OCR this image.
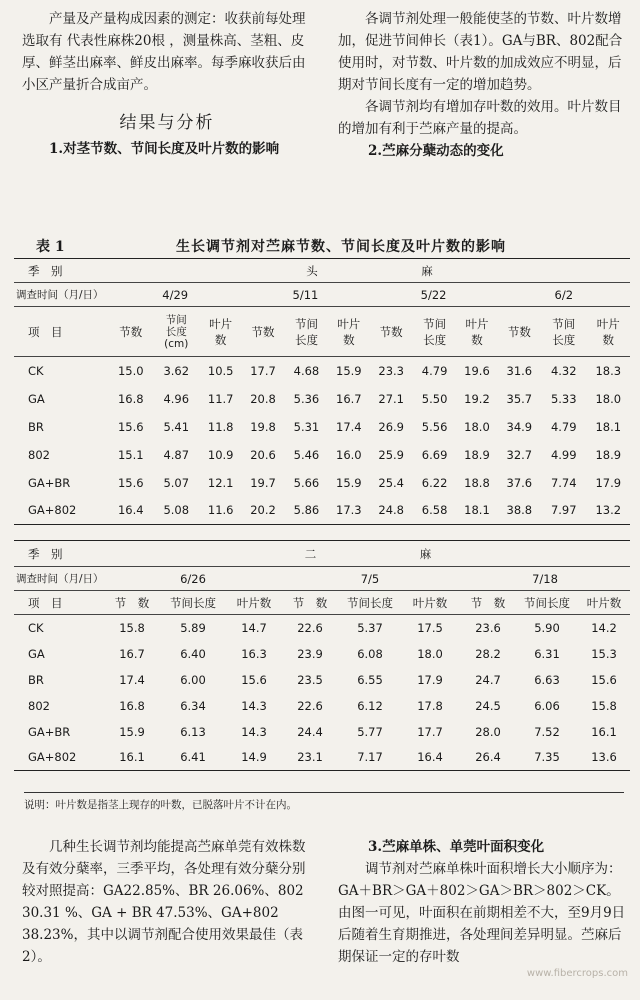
产量及产量构成因素的测定：收获前每处理 选取有 代表性麻株20根 ，测量株高、茎粗、皮厚、鲜茎出麻率、鲜皮出麻率。每季麻收获后由小区产量折合成亩产。

结果与分析

1.对茎节数、节间长度及叶片数的影响

各调节剂处理一般能使茎的节数、叶片数增加，促进节间伸长（表1）。GA与BR、802配合使用时，对节数、叶片数的加成效应不明显，后期对节间长度有一定的增加趋势。

各调节剂均有增加存叶数的效用。叶片数目的增加有利于苎麻产量的提高。

2.苎麻分蘖动态的变化

表 1	生长调节剂对苎麻节数、节间长度及叶片数的影响
季　别	头　　　　　　　　　麻											
调查时间（月/日）	4/29			5/11			5/22			6/2		
项　目	节数	节间
长度
(cm)	叶片
数	节数	节间
长度	叶片
数	节数	节间
长度	叶片
数	节数	节间
长度	叶片
数
CK	15.0	3.62	10.5	17.7	4.68	15.9	23.3	4.79	19.6	31.6	4.32	18.3
GA	16.8	4.96	11.7	20.8	5.36	16.7	27.1	5.50	19.2	35.7	5.33	18.0
BR	15.6	5.41	11.8	19.8	5.31	17.4	26.9	5.56	18.0	34.9	4.79	18.1
802	15.1	4.87	10.9	20.6	5.46	16.0	25.9	6.69	18.9	32.7	4.99	18.9
GA+BR	15.6	5.07	12.1	19.7	5.66	15.9	25.4	6.22	18.8	37.6	7.74	17.9
GA+802	16.4	5.08	11.6	20.2	5.86	17.3	24.8	6.58	18.1	38.8	7.97	13.2
季　别	二　　　　　　　　　麻								
调查时间（月/日）	6/26			7/5			7/18		
项　目	节　数	节间长度	叶片数	节　数	节间长度	叶片数	节　数	节间长度	叶片数
CK	15.8	5.89	14.7	22.6	5.37	17.5	23.6	5.90	14.2
GA	16.7	6.40	16.3	23.9	6.08	18.0	28.2	6.31	15.3
BR	17.4	6.00	15.6	23.5	6.55	17.9	24.7	6.63	15.6
802	16.8	6.34	14.3	22.6	6.12	17.8	24.5	6.06	15.8
GA+BR	15.9	6.13	14.3	24.4	5.77	17.7	28.0	7.52	16.1
GA+802	16.1	6.41	14.9	23.1	7.17	16.4	26.4	7.35	13.6
说明：叶片数是指茎上现存的叶数，已脱落叶片不计在内。

几种生长调节剂均能提高苎麻单莞有效株数及有效分蘖率，三季平均，各处理有效分蘖分别较对照提高：GA22.85%、BR 26.06%、802 30.31 %、GA + BR 47.53%、GA+802 38.23%，其中以调节剂配合使用效果最佳（表2）。

3.苎麻单株、单莞叶面积变化

调节剂对苎麻单株叶面积增长大小顺序为：GA＋BR＞GA＋802＞GA＞BR＞802＞CK。由图一可见，叶面积在前期相差不大，至9月9日后随着生育期推进，各处理间差异明显。苎麻后期保证一定的存叶数

www.fibercrops.com
